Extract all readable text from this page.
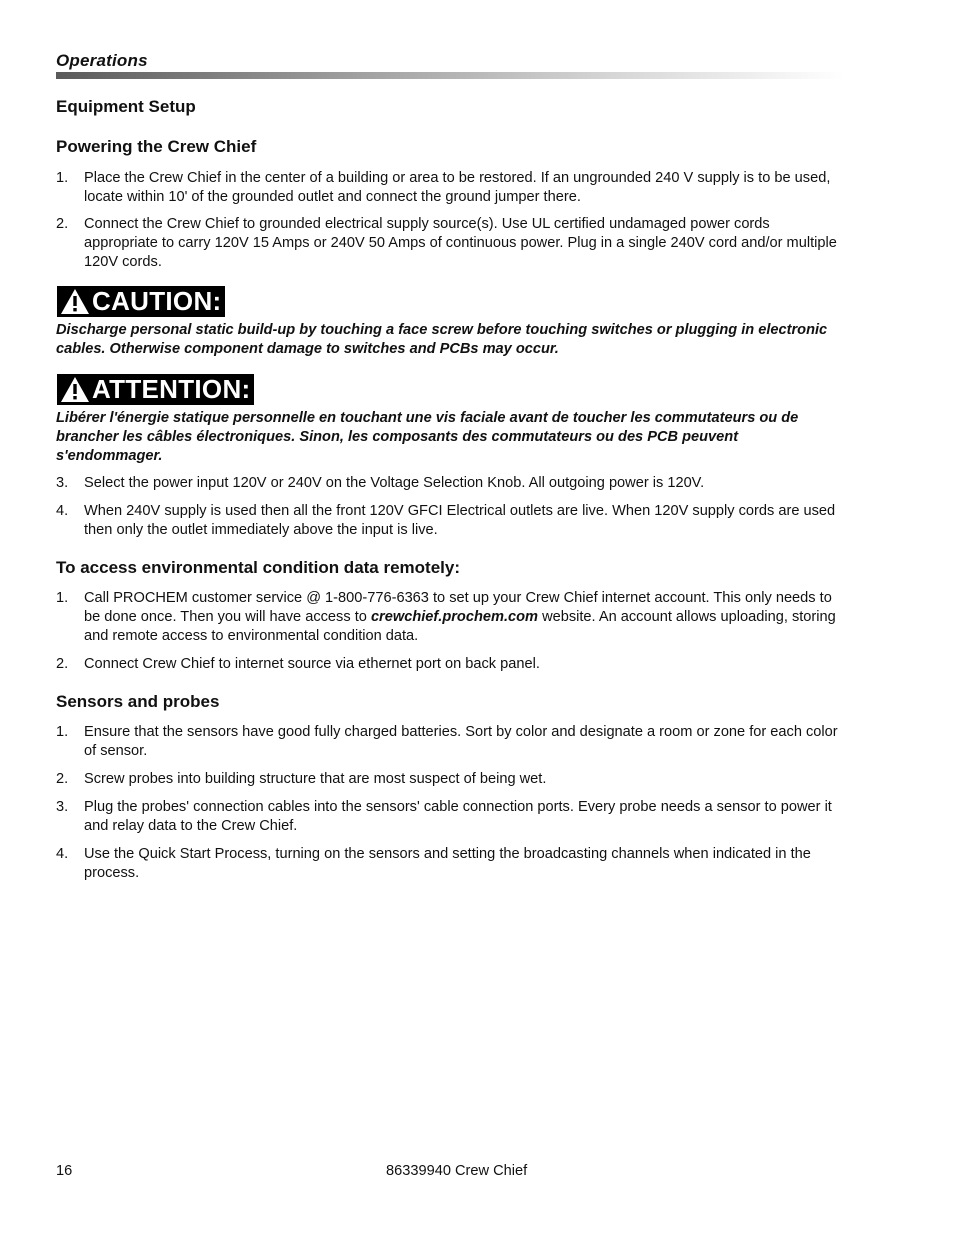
Operations
Equipment Setup
Powering the Crew Chief
1. Place the Crew Chief in the center of a building or area to be restored. If an ungrounded 240 V supply is to be used, locate within 10' of the grounded outlet and connect the ground jumper there.
2. Connect the Crew Chief to grounded electrical supply source(s). Use UL certified undamaged power cords appropriate to carry 120V 15 Amps or 240V 50 Amps of continuous power. Plug in a single 240V cord and/or multiple 120V cords.
CAUTION:
Discharge personal static build-up by touching a face screw before touching switches or plugging in electronic cables. Otherwise component damage to switches and PCBs may occur.
ATTENTION:
Libérer l'énergie statique personnelle en touchant une vis faciale avant de toucher les commutateurs ou de brancher les câbles électroniques. Sinon, les composants des commutateurs ou des PCB peuvent s'endommager.
3. Select the power input 120V or 240V on the Voltage Selection Knob. All outgoing power is 120V.
4. When 240V supply is used then all the front 120V GFCI Electrical outlets are live. When 120V supply cords are used then only the outlet immediately above the input is live.
To access environmental condition data remotely:
1. Call PROCHEM customer service @ 1-800-776-6363 to set up your Crew Chief internet account. This only needs to be done once. Then you will have access to crewchief.prochem.com website. An account allows uploading, storing and remote access to environmental condition data.
2. Connect Crew Chief to internet source via ethernet port on back panel.
Sensors and probes
1. Ensure that the sensors have good fully charged batteries. Sort by color and designate a room or zone for each color of sensor.
2. Screw probes into building structure that are most suspect of being wet.
3. Plug the probes' connection cables into the sensors' cable connection ports. Every probe needs a sensor to power it and relay data to the Crew Chief.
4. Use the Quick Start Process, turning on the sensors and setting the broadcasting channels when indicated in the process.
16	86339940 Crew Chief
